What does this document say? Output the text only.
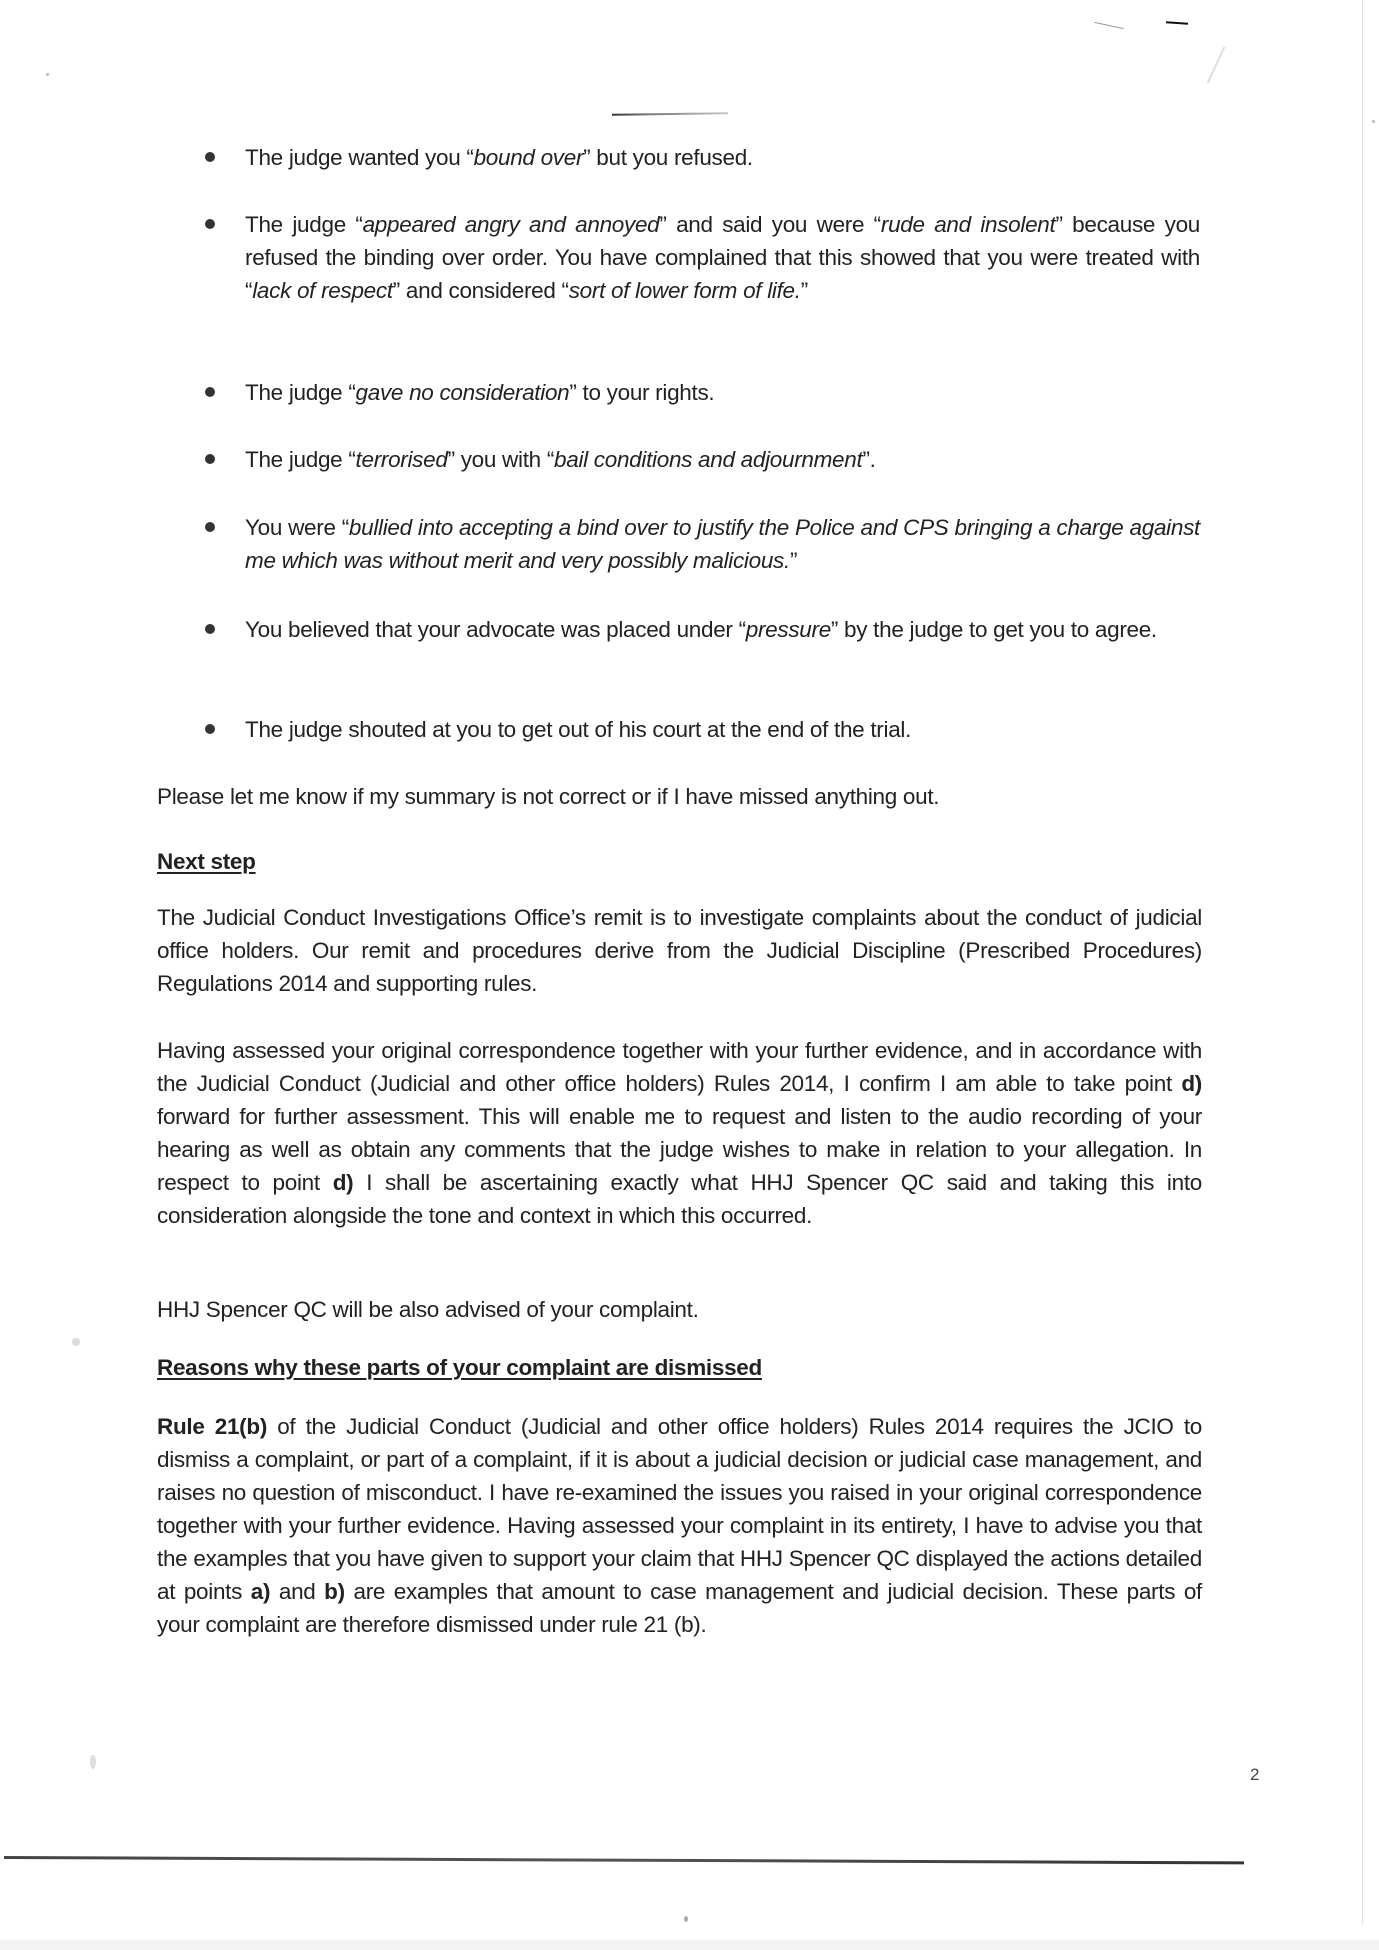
The judge wanted you “bound over” but you refused.
The judge “appeared angry and annoyed” and said you were “rude and insolent” because you refused the binding over order. You have complained that this showed that you were treated with “lack of respect” and considered “sort of lower form of life.”
The judge “gave no consideration” to your rights.
The judge “terrorised” you with “bail conditions and adjournment”.
You were “bullied into accepting a bind over to justify the Police and CPS bringing a charge against me which was without merit and very possibly malicious.”
You believed that your advocate was placed under “pressure” by the judge to get you to agree.
The judge shouted at you to get out of his court at the end of the trial.
Please let me know if my summary is not correct or if I have missed anything out.
Next step
The Judicial Conduct Investigations Office’s remit is to investigate complaints about the conduct of judicial office holders. Our remit and procedures derive from the Judicial Discipline (Prescribed Procedures) Regulations 2014 and supporting rules.
Having assessed your original correspondence together with your further evidence, and in accordance with the Judicial Conduct (Judicial and other office holders) Rules 2014, I confirm I am able to take point d) forward for further assessment. This will enable me to request and listen to the audio recording of your hearing as well as obtain any comments that the judge wishes to make in relation to your allegation. In respect to point d) I shall be ascertaining exactly what HHJ Spencer QC said and taking this into consideration alongside the tone and context in which this occurred.
HHJ Spencer QC will be also advised of your complaint.
Reasons why these parts of your complaint are dismissed
Rule 21(b) of the Judicial Conduct (Judicial and other office holders) Rules 2014 requires the JCIO to dismiss a complaint, or part of a complaint, if it is about a judicial decision or judicial case management, and raises no question of misconduct. I have re-examined the issues you raised in your original correspondence together with your further evidence. Having assessed your complaint in its entirety, I have to advise you that the examples that you have given to support your claim that HHJ Spencer QC displayed the actions detailed at points a) and b) are examples that amount to case management and judicial decision. These parts of your complaint are therefore dismissed under rule 21 (b).
2
